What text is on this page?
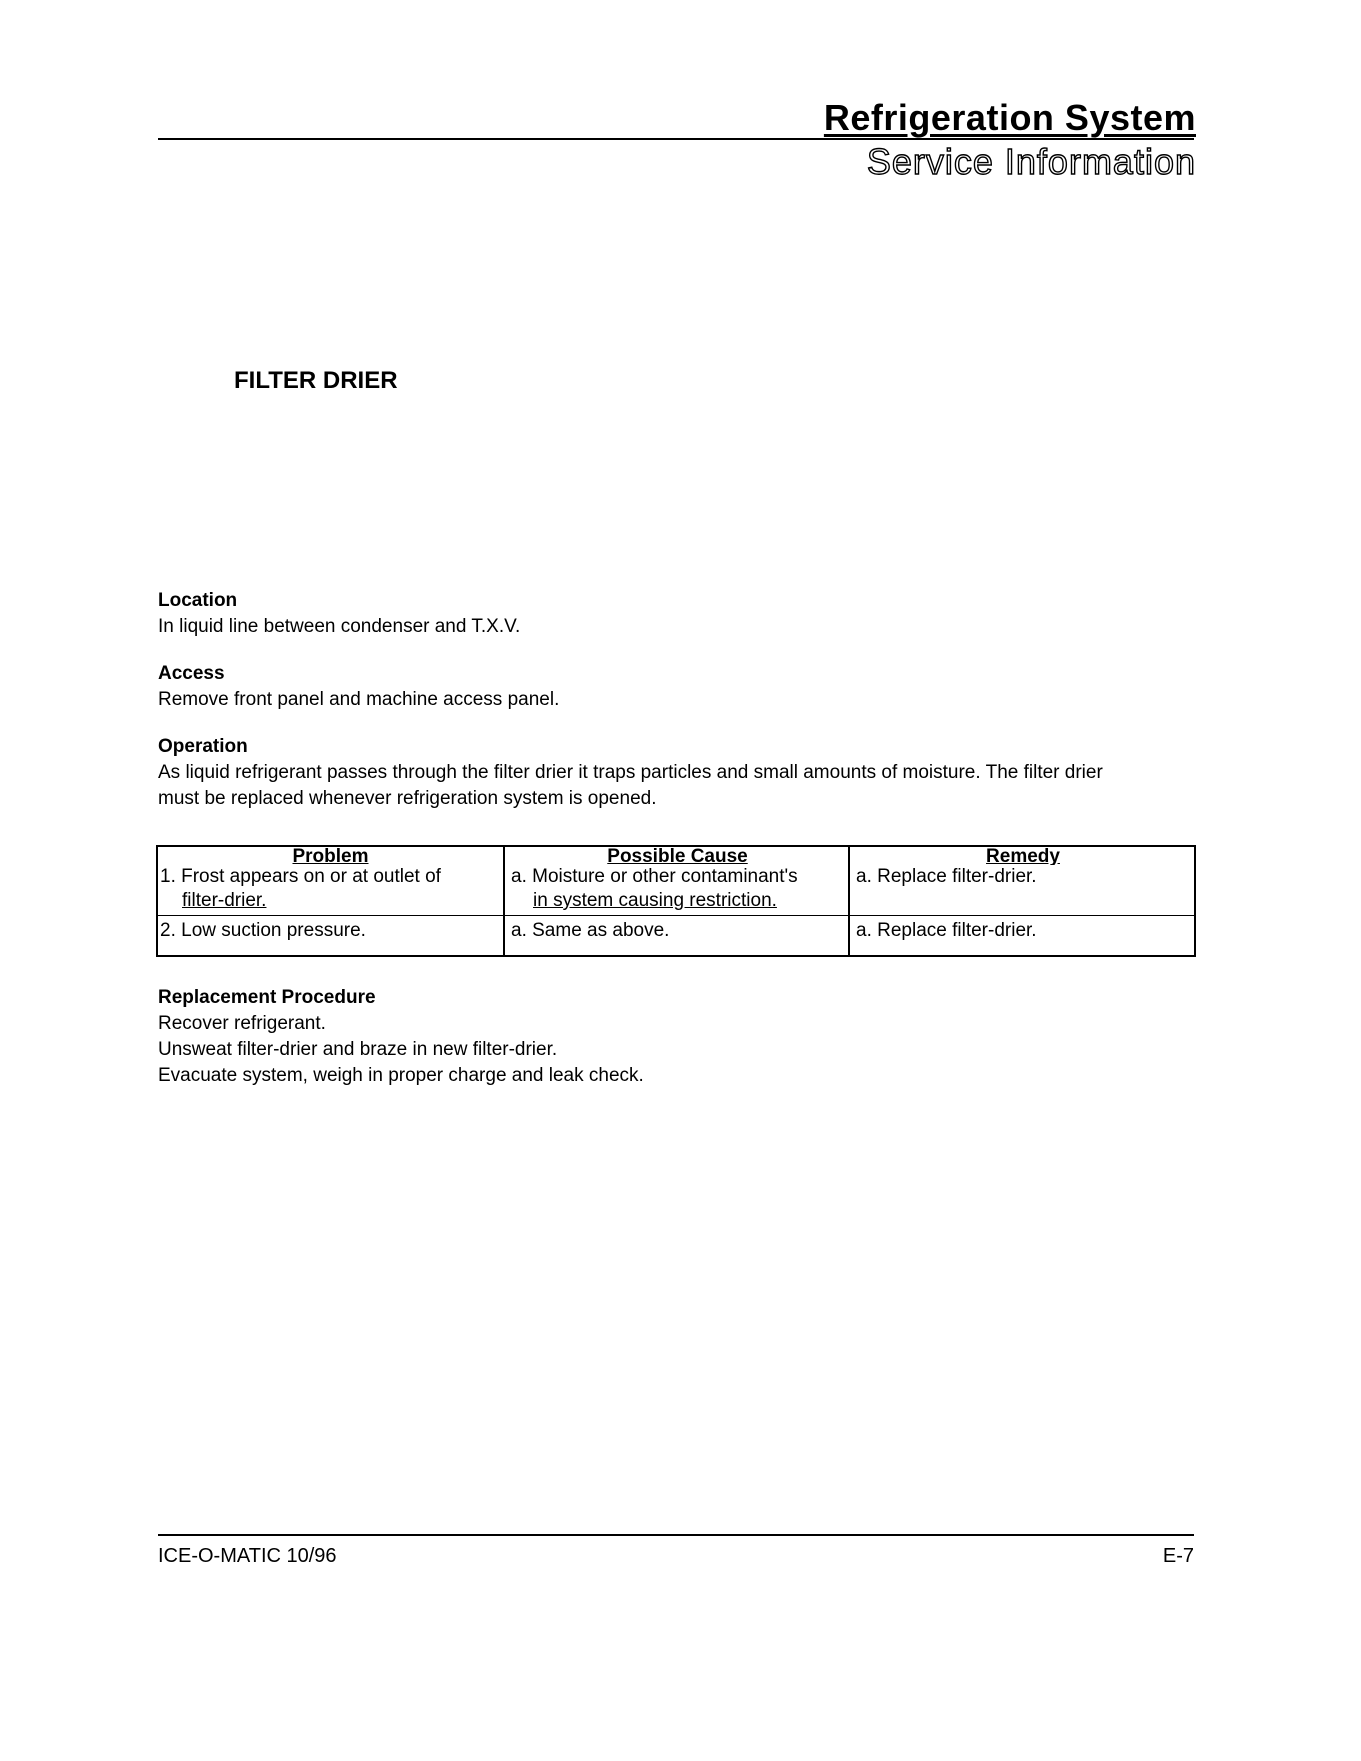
Refrigeration System
Service Information
FILTER DRIER
Location
In liquid line between condenser and T.X.V.
Access
Remove front panel and machine access panel.
Operation
As liquid refrigerant passes through the filter drier it traps particles and small amounts of moisture. The filter drier
must be replaced whenever refrigeration system is opened.
Problem
1. Frost appears on or at outlet of
filter-drier.
2. Low suction pressure.
Possible Cause
a. Moisture or other contaminant's
in system causing restriction.
a. Same as above.
Remedy
a. Replace filter-drier.
a. Replace filter-drier.
Replacement Procedure
Recover refrigerant.
Unsweat filter-drier and braze in new filter-drier.
Evacuate system, weigh in proper charge and leak check.
ICE-O-MATIC 10/96	E-7
